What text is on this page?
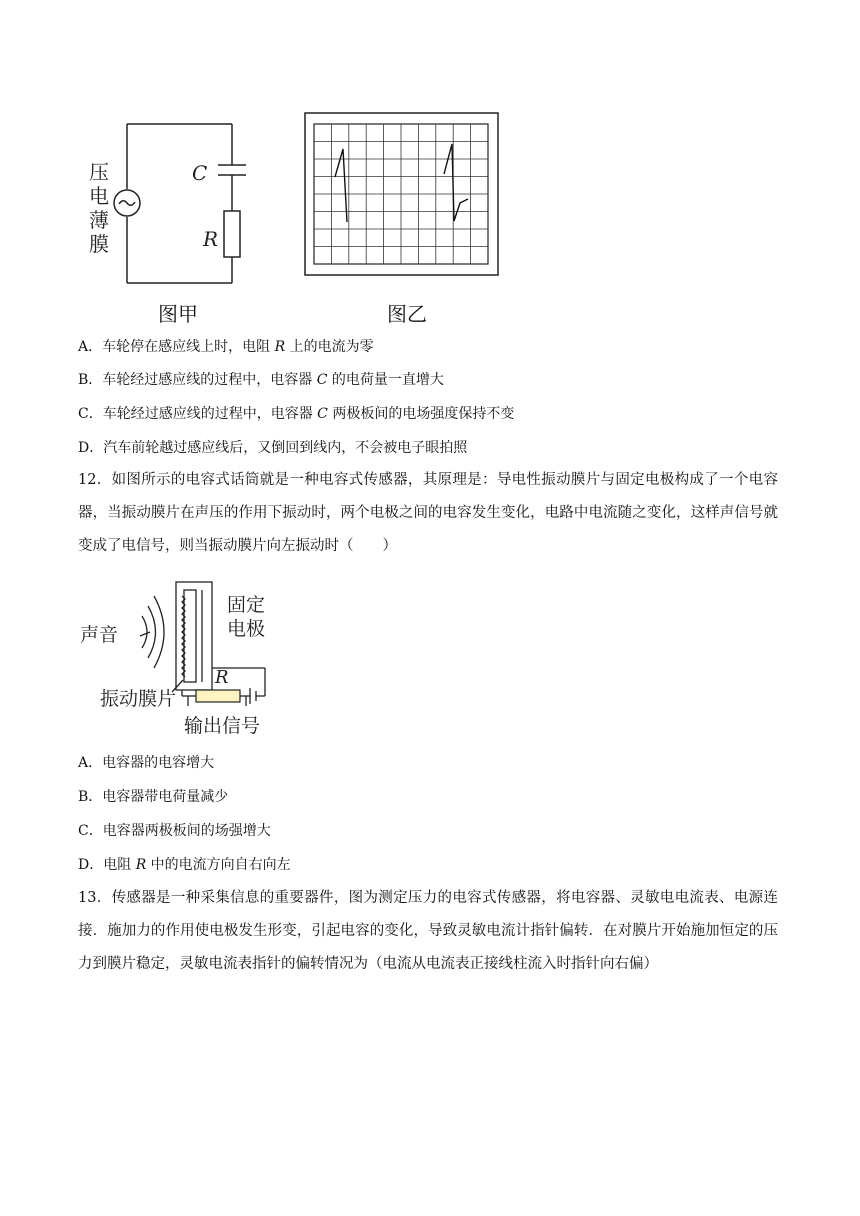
压
电
薄
膜
C
R
图甲	图乙
A．车轮停在感应线上时，电阻 R 上的电流为零
B．车轮经过感应线的过程中，电容器 C 的电荷量一直增大
C．车轮经过感应线的过程中，电容器 C 两极板间的电场强度保持不变
D．汽车前轮越过感应线后，又倒回到线内，不会被电子眼拍照
12．如图所示的电容式话筒就是一种电容式传感器，其原理是：导电性振动膜片与固定电极构成了一个电容器，当振动膜片在声压的作用下振动时，两个电极之间的电容发生变化，电路中电流随之变化，这样声信号就变成了电信号，则当振动膜片向左振动时（　　）
声音
固定
电极
R
振动膜片
输出信号
A．电容器的电容增大
B．电容器带电荷量减少
C．电容器两极板间的场强增大
D．电阻 R 中的电流方向自右向左
13．传感器是一种采集信息的重要器件，图为测定压力的电容式传感器，将电容器、灵敏电电流表、电源连接．施加力的作用使电极发生形变，引起电容的变化，导致灵敏电流计指针偏转．在对膜片开始施加恒定的压力到膜片稳定，灵敏电流表指针的偏转情况为（电流从电流表正接线柱流入时指针向右偏）
